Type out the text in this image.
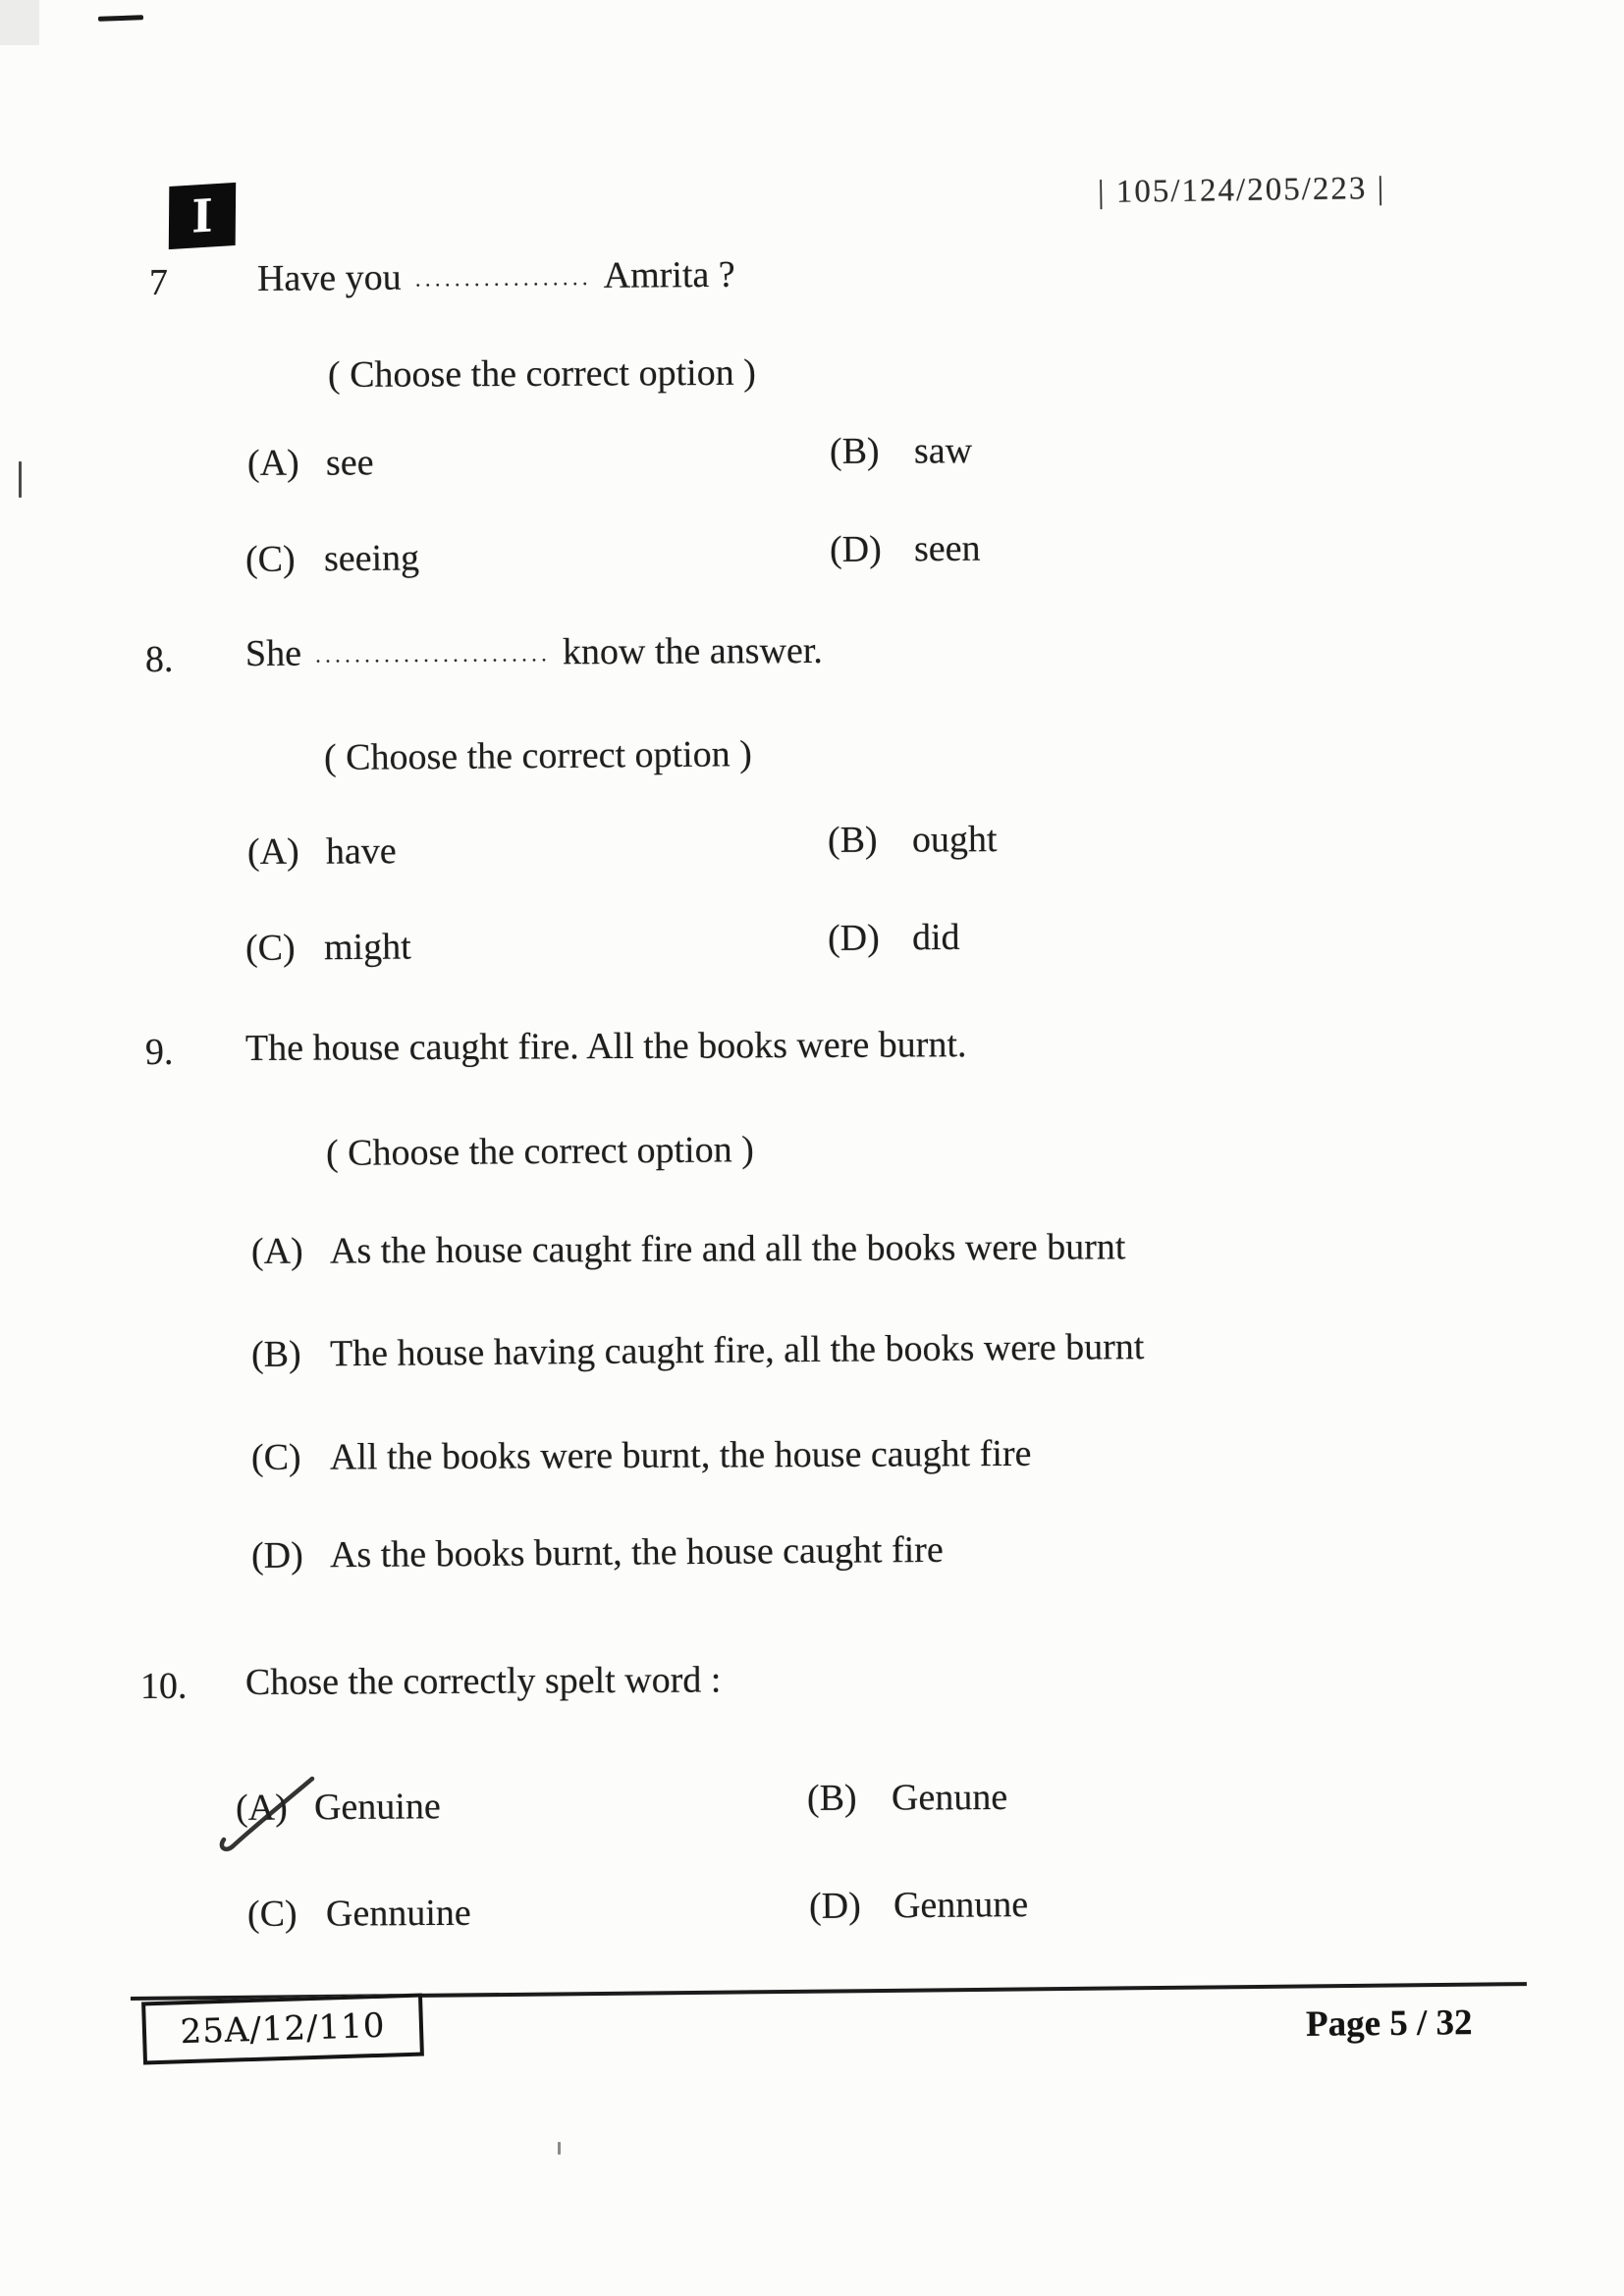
| 105/124/205/223 |
I
7 Have you .................. Amrita ?
( Choose the correct option )
(A) see	(B) saw
(C) seeing	(D) seen
8. She ........................ know the answer.
( Choose the correct option )
(A) have	(B) ought
(C) might	(D) did
9. The house caught fire. All the books were burnt.
( Choose the correct option )
(A) As the house caught fire and all the books were burnt
(B) The house having caught fire, all the books were burnt
(C) All the books were burnt, the house caught fire
(D) As the books burnt, the house caught fire
10. Chose the correctly spelt word :
(A) Genuine	(B) Genune
(C) Gennuine	(D) Gennune
25A/12/110	Page 5 / 32
